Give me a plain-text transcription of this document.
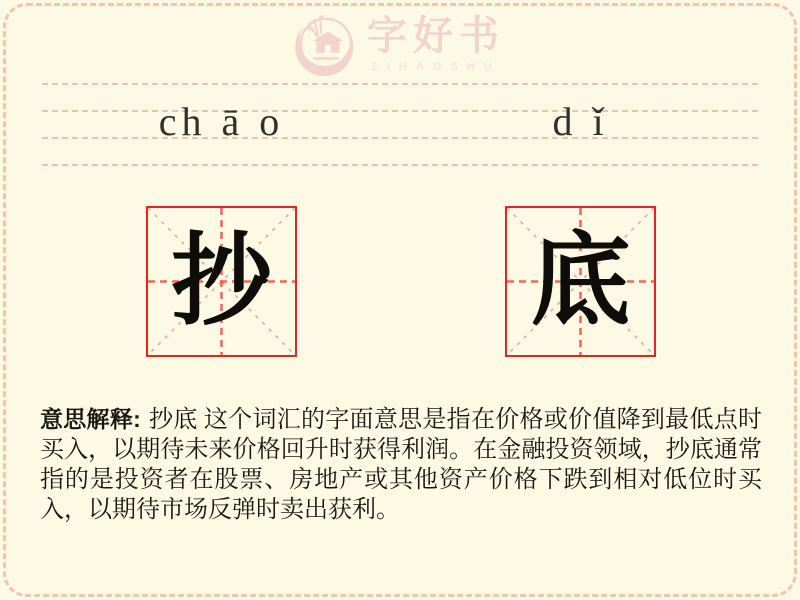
字好书
ZIHAOSHU
ch ā o	d ǐ
抄	底

意思解释: 抄底 这个词汇的字面意思是指在价格或价值降到最低点时买入，以期待未来价格回升时获得利润。在金融投资领域，抄底通常指的是投资者在股票、房地产或其他资产价格下跌到相对低位时买入，以期待市场反弹时卖出获利。
